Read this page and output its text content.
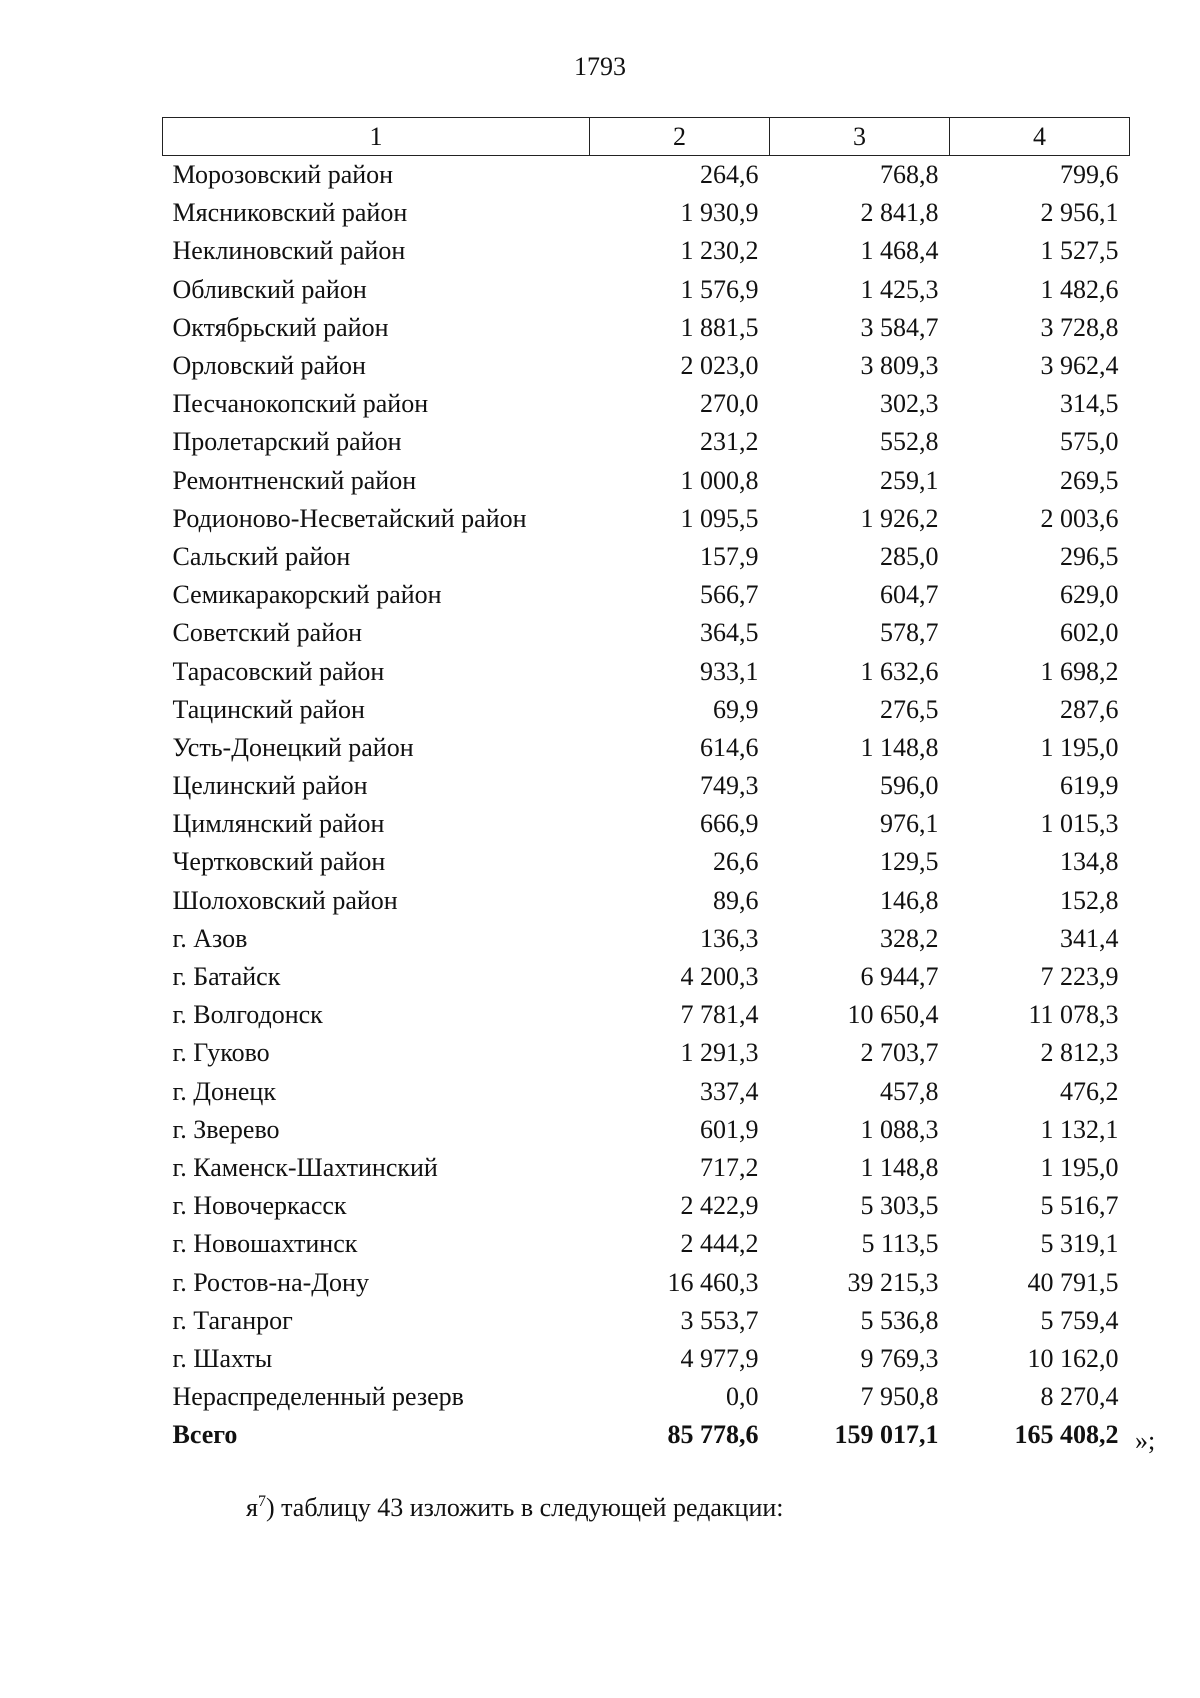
1793
1	2	3	4
Морозовский район	264,6	768,8	799,6
Мясниковский район	1 930,9	2 841,8	2 956,1
Неклиновский район	1 230,2	1 468,4	1 527,5
Обливский район	1 576,9	1 425,3	1 482,6
Октябрьский район	1 881,5	3 584,7	3 728,8
Орловский район	2 023,0	3 809,3	3 962,4
Песчанокопский район	270,0	302,3	314,5
Пролетарский район	231,2	552,8	575,0
Ремонтненский район	1 000,8	259,1	269,5
Родионово-Несветайский район	1 095,5	1 926,2	2 003,6
Сальский район	157,9	285,0	296,5
Семикаракорский район	566,7	604,7	629,0
Советский район	364,5	578,7	602,0
Тарасовский район	933,1	1 632,6	1 698,2
Тацинский район	69,9	276,5	287,6
Усть-Донецкий район	614,6	1 148,8	1 195,0
Целинский район	749,3	596,0	619,9
Цимлянский район	666,9	976,1	1 015,3
Чертковский район	26,6	129,5	134,8
Шолоховский район	89,6	146,8	152,8
г. Азов	136,3	328,2	341,4
г. Батайск	4 200,3	6 944,7	7 223,9
г. Волгодонск	7 781,4	10 650,4	11 078,3
г. Гуково	1 291,3	2 703,7	2 812,3
г. Донецк	337,4	457,8	476,2
г. Зверево	601,9	1 088,3	1 132,1
г. Каменск-Шахтинский	717,2	1 148,8	1 195,0
г. Новочеркасск	2 422,9	5 303,5	5 516,7
г. Новошахтинск	2 444,2	5 113,5	5 319,1
г. Ростов-на-Дону	16 460,3	39 215,3	40 791,5
г. Таганрог	3 553,7	5 536,8	5 759,4
г. Шахты	4 977,9	9 769,3	10 162,0
Нераспределенный резерв	0,0	7 950,8	8 270,4
Всего	85 778,6	159 017,1	165 408,2 »;
$я^7$) таблицу 43 изложить в следующей редакции:
